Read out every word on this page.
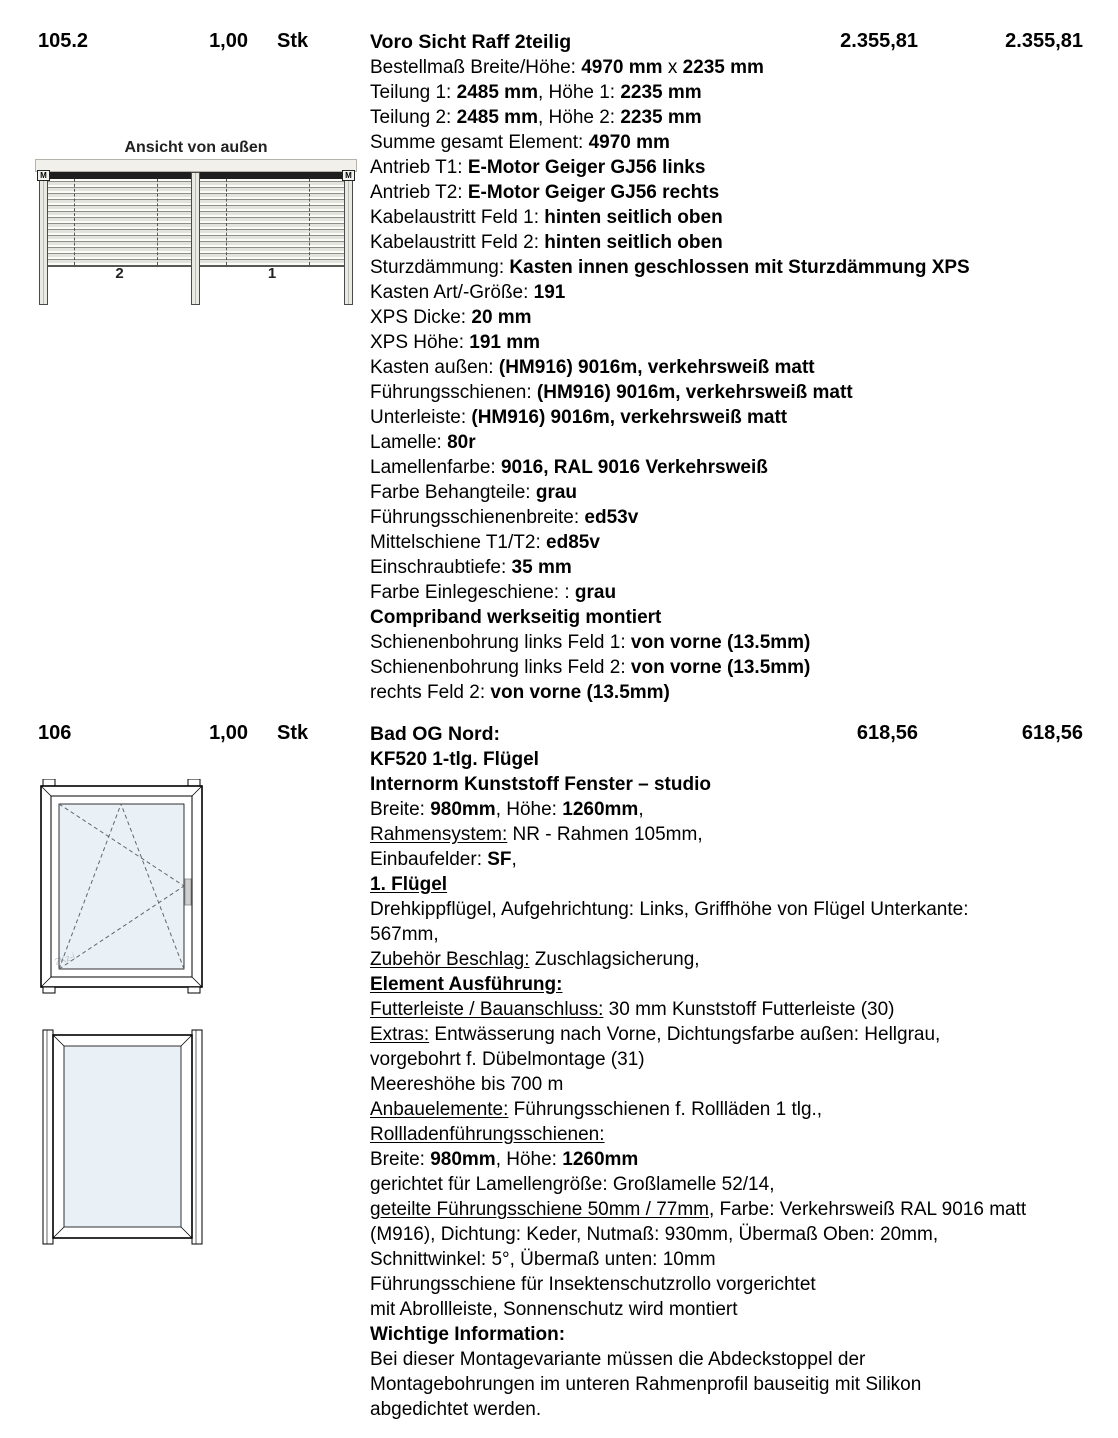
105.2	1,00 Stk	2.355,81	2.355,81
Voro Sicht Raff 2teilig
Bestellmaß Breite/Höhe: 4970 mm x 2235 mm
Teilung 1: 2485 mm, Höhe 1: 2235 mm
Teilung 2: 2485 mm, Höhe 2: 2235 mm
Summe gesamt Element: 4970 mm
Antrieb T1: E-Motor Geiger GJ56 links
Antrieb T2: E-Motor Geiger GJ56 rechts
Kabelaustritt Feld 1: hinten seitlich oben
Kabelaustritt Feld 2: hinten seitlich oben
Sturzdämmung: Kasten innen geschlossen mit Sturzdämmung XPS
Kasten Art/-Größe: 191
XPS Dicke: 20 mm
XPS Höhe: 191 mm
Kasten außen: (HM916) 9016m, verkehrsweiß matt
Führungsschienen: (HM916) 9016m, verkehrsweiß matt
Unterleiste: (HM916) 9016m, verkehrsweiß matt
Lamelle: 80r
Lamellenfarbe: 9016, RAL 9016 Verkehrsweiß
Farbe Behangteile: grau
Führungsschienenbreite: ed53v
Mittelschiene T1/T2: ed85v
Einschraubtiefe: 35 mm
Farbe Einlegeschiene: : grau
Compriband werkseitig montiert
Schienenbohrung links Feld 1: von vorne (13.5mm)
Schienenbohrung links Feld 2: von vorne (13.5mm)
rechts Feld 2: von vorne (13.5mm)
Ansicht von außen
M	M
2	1
106	1,00 Stk	618,56	618,56
Bad OG Nord:
KF520 1-tlg. Flügel
Internorm Kunststoff Fenster – studio
Breite: 980mm, Höhe: 1260mm,
Rahmensystem: NR - Rahmen 105mm,
Einbaufelder: SF,
1. Flügel
Drehkippflügel, Aufgehrichtung: Links, Griffhöhe von Flügel Unterkante:
567mm,
Zubehör Beschlag: Zuschlagsicherung,
Element Ausführung:
Futterleiste / Bauanschluss: 30 mm Kunststoff Futterleiste (30)
Extras: Entwässerung nach Vorne, Dichtungsfarbe außen: Hellgrau,
vorgebohrt f. Dübelmontage (31)
Meereshöhe bis 700 m
Anbauelemente: Führungsschienen f. Rollläden 1 tlg.,
Rollladenführungsschienen:
Breite: 980mm, Höhe: 1260mm
gerichtet für Lamellengröße: Großlamelle 52/14,
geteilte Führungsschiene 50mm / 77mm, Farbe: Verkehrsweiß RAL 9016 matt
(M916), Dichtung: Keder, Nutmaß: 930mm, Übermaß Oben: 20mm,
Schnittwinkel: 5°, Übermaß unten: 10mm
Führungsschiene für Insektenschutzrollo vorgerichtet
mit Abrollleiste, Sonnenschutz wird montiert
Wichtige Information:
Bei dieser Montagevariante müssen die Abdeckstoppel der
Montagebohrungen im unteren Rahmenprofil bauseitig mit Silikon
abgedichtet werden.
2Kz-i
